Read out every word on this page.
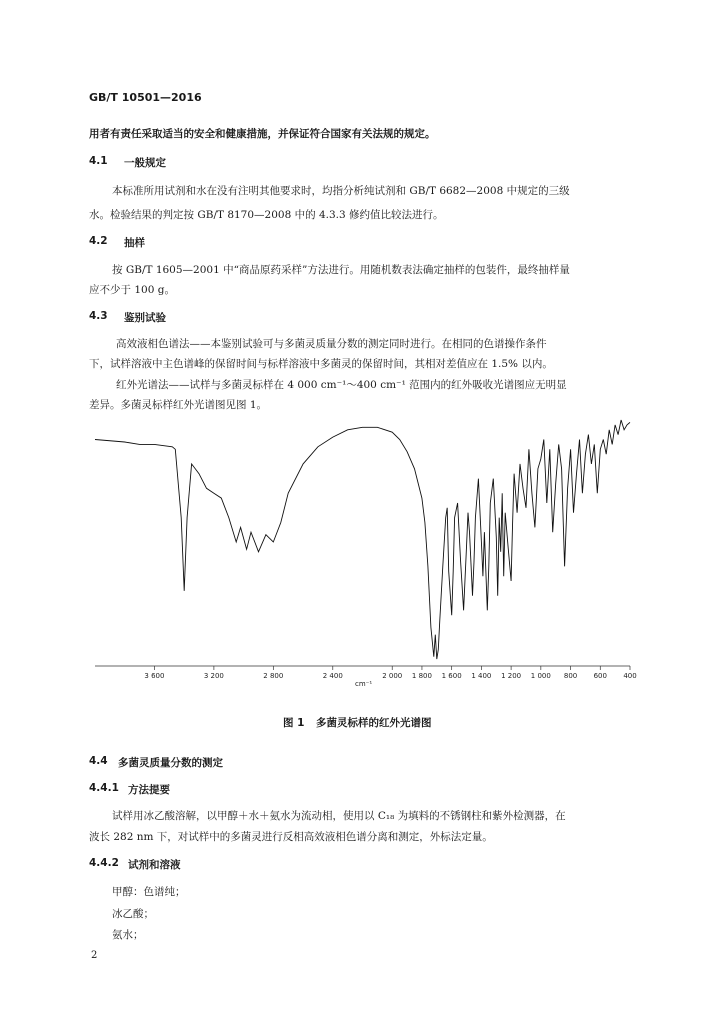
GB/T 10501—2016
用者有责任采取适当的安全和健康措施，并保证符合国家有关法规的规定。
4.1 一般规定
本标准所用试剂和水在没有注明其他要求时，均指分析纯试剂和 GB/T 6682—2008 中规定的三级
水。检验结果的判定按 GB/T 8170—2008 中的 4.3.3 修约值比较法进行。
4.2 抽样
按 GB/T 1605—2001 中“商品原药采样”方法进行。用随机数表法确定抽样的包装件，最终抽样量
应不少于 100 g。
4.3 鉴别试验
高效液相色谱法——本鉴别试验可与多菌灵质量分数的测定同时进行。在相同的色谱操作条件
下，试样溶液中主色谱峰的保留时间与标样溶液中多菌灵的保留时间，其相对差值应在 1.5% 以内。
红外光谱法——试样与多菌灵标样在 4 000 cm⁻¹～400 cm⁻¹ 范围内的红外吸收光谱图应无明显
差异。多菌灵标样红外光谱图见图 1。
3 600	3 200	2 800	2 400	2 000 1 800 1 600 1 400 1 200 1 000	800	600	400
cm⁻¹
图 1 多菌灵标样的红外光谱图
4.4 多菌灵质量分数的测定
4.4.1 方法提要
试样用冰乙酸溶解，以甲醇＋水＋氨水为流动相，使用以 C₁₈ 为填料的不锈钢柱和紫外检测器，在
波长 282 nm 下，对试样中的多菌灵进行反相高效液相色谱分离和测定，外标法定量。
4.4.2 试剂和溶液
甲醇：色谱纯；
冰乙酸；
氨水；
2
